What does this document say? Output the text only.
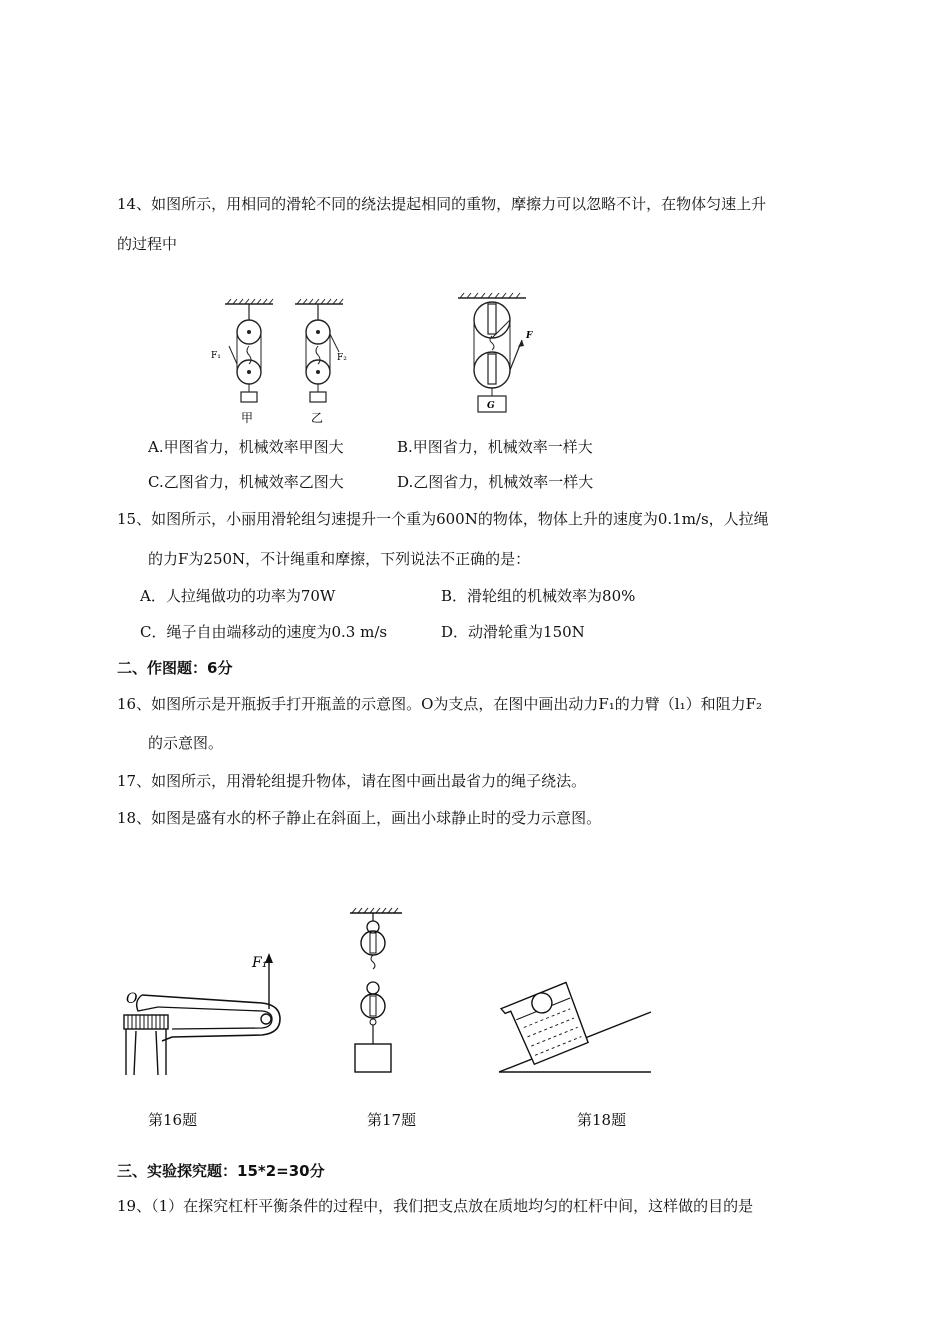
14、如图所示，用相同的滑轮不同的绕法提起相同的重物，摩擦力可以忽略不计，在物体匀速上升
的过程中
F₁
甲
F₂
乙
F
G
A.甲图省力，机械效率甲图大	B.甲图省力，机械效率一样大
C.乙图省力，机械效率乙图大	D.乙图省力，机械效率一样大
15、如图所示，小丽用滑轮组匀速提升一个重为600N的物体，物体上升的速度为0.1m/s，人拉绳
的力F为250N，不计绳重和摩擦，下列说法不正确的是：
A．人拉绳做功的功率为70W	B．滑轮组的机械效率为80%
C．绳子自由端移动的速度为0.3 m/s	D．动滑轮重为150N
二、作图题：6分
16、如图所示是开瓶扳手打开瓶盖的示意图。O为支点，在图中画出动力F₁的力臂（l₁）和阻力F₂
的示意图。
17、如图所示，用滑轮组提升物体，请在图中画出最省力的绳子绕法。
18、如图是盛有水的杯子静止在斜面上，画出小球静止时的受力示意图。
F₁
O
第16题	第17题	第18题
三、实验探究题：15*2=30分
19、（1）在探究杠杆平衡条件的过程中，我们把支点放在质地均匀的杠杆中间，这样做的目的是
